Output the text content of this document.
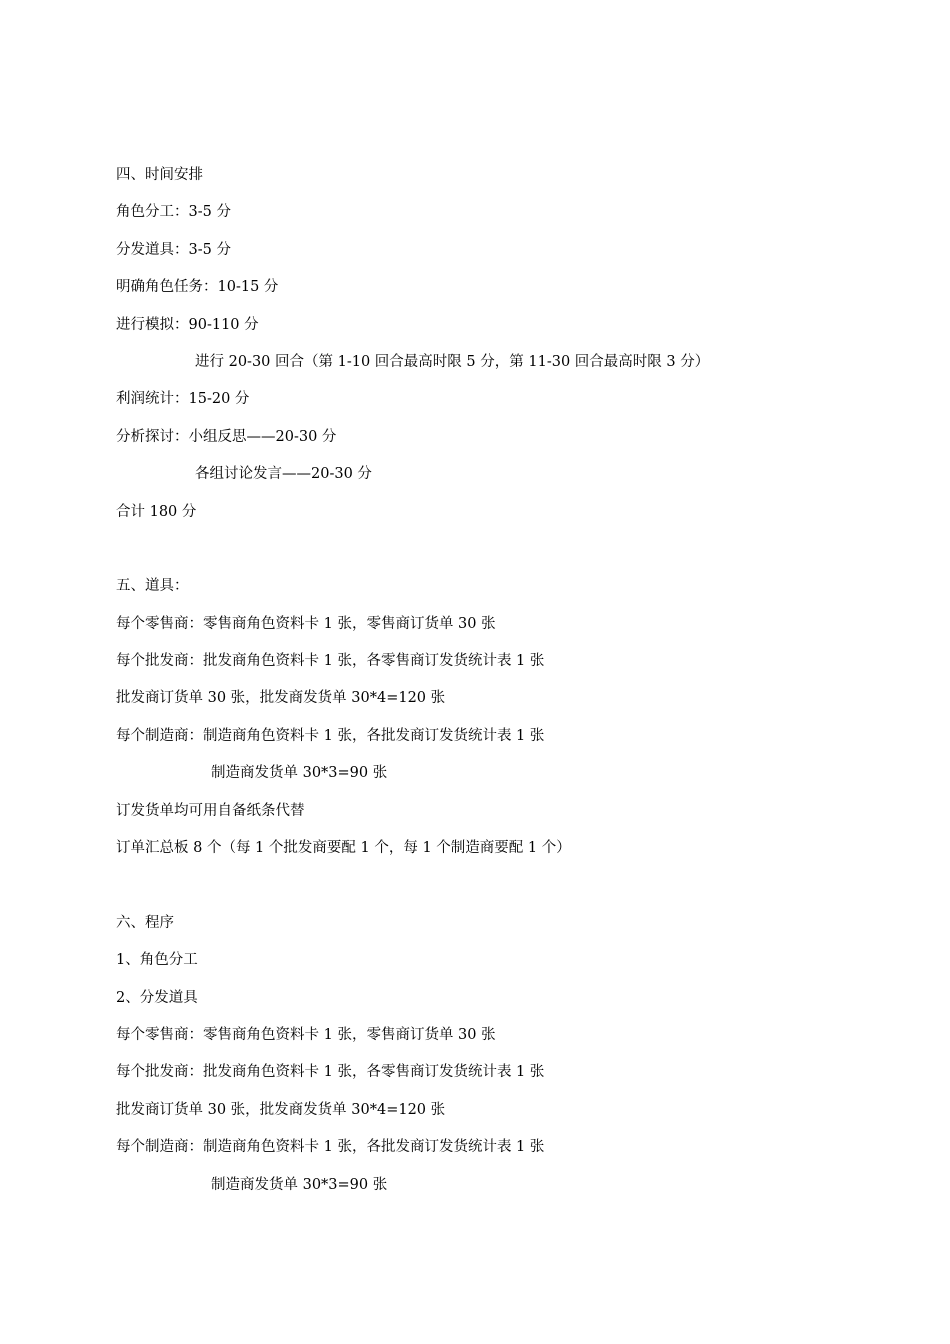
四、时间安排
角色分工：3-5 分
分发道具：3-5 分
明确角色任务：10-15 分
进行模拟：90-110 分
进行 20-30 回合（第 1-10 回合最高时限 5 分，第 11-30 回合最高时限 3 分）
利润统计：15-20 分
分析探讨：小组反思——20-30 分
各组讨论发言——20-30 分
合计 180 分
五、道具：
每个零售商：零售商角色资料卡 1 张，零售商订货单 30 张
每个批发商：批发商角色资料卡 1 张，各零售商订发货统计表 1 张
批发商订货单 30 张，批发商发货单 30*4=120 张
每个制造商：制造商角色资料卡 1 张，各批发商订发货统计表 1 张
制造商发货单 30*3=90 张
订发货单均可用自备纸条代替
订单汇总板 8 个（每 1 个批发商要配 1 个，每 1 个制造商要配 1 个）
六、程序
1、角色分工
2、分发道具
每个零售商：零售商角色资料卡 1 张，零售商订货单 30 张
每个批发商：批发商角色资料卡 1 张，各零售商订发货统计表 1 张
批发商订货单 30 张，批发商发货单 30*4=120 张
每个制造商：制造商角色资料卡 1 张，各批发商订发货统计表 1 张
制造商发货单 30*3=90 张
